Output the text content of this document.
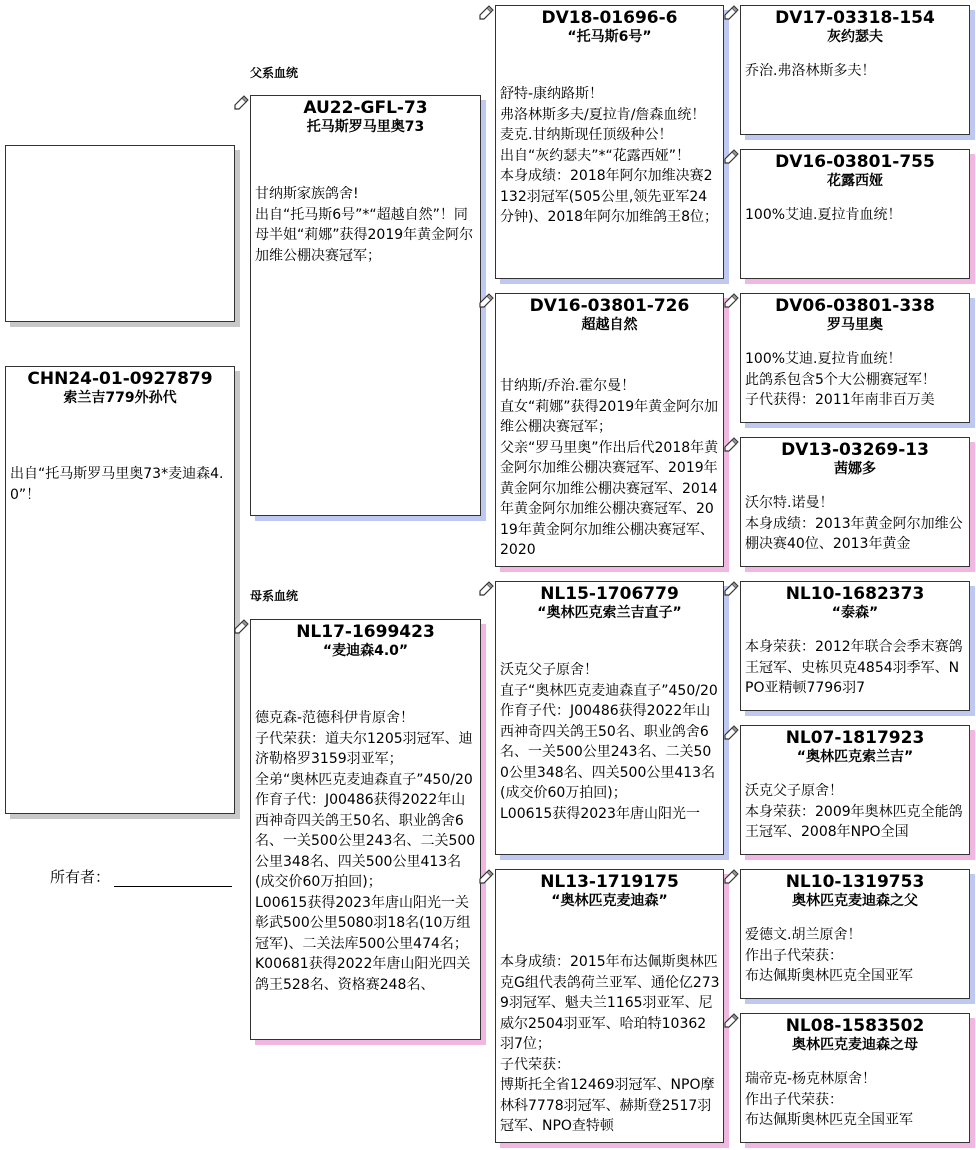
CHN24-01-0927879
索兰吉779外孙代
出自“托马斯罗马里奥73*麦迪森4.0”！
所有者：
父系血统
母系血统
AU22-GFL-73
托马斯罗马里奥73
甘纳斯家族鸽舍!
出自“托马斯6号”*“超越自然”！同母半姐“莉娜”获得2019年黄金阿尔加维公棚决赛冠军；
NL17-1699423
“麦迪森4.0”
德克森-范德科伊肯原舍！
子代荣获：道夫尔1205羽冠军、迪济勒格罗3159羽亚军；
全弟“奥林匹克麦迪森直子”450/20作育子代：J00486获得2022年山西神奇四关鸽王50名、职业鸽舍6名、一关500公里243名、二关500公里348名、四关500公里413名(成交价60万拍回)；
L00615获得2023年唐山阳光一关彰武500公里5080羽18名(10万组冠军)、二关法库500公里474名；
K00681获得2022年唐山阳光四关鸽王528名、资格赛248名、
DV18-01696-6
“托马斯6号”
舒特-康纳路斯！
弗洛林斯多夫/夏拉肯/詹森血统！
麦克.甘纳斯现任顶级种公！
出自“灰约瑟夫”*“花露西娅”！
本身成绩：2018年阿尔加维决赛2132羽冠军(505公里,领先亚军24分钟)、2018年阿尔加维鸽王8位；
DV16-03801-726
超越自然
甘纳斯/乔治.霍尔曼！
直女“莉娜”获得2019年黄金阿尔加维公棚决赛冠军；
父亲“罗马里奥”作出后代2018年黄金阿尔加维公棚决赛冠军、2019年黄金阿尔加维公棚决赛冠军、2014年黄金阿尔加维公棚决赛冠军、2019年黄金阿尔加维公棚决赛冠军、2020
NL15-1706779
“奥林匹克索兰吉直子”
沃克父子原舍！
直子“奥林匹克麦迪森直子”450/20作育子代：J00486获得2022年山西神奇四关鸽王50名、职业鸽舍6名、一关500公里243名、二关500公里348名、四关500公里413名(成交价60万拍回)；
L00615获得2023年唐山阳光一
NL13-1719175
“奥林匹克麦迪森”
本身成绩：2015年布达佩斯奥林匹克G组代表鸽荷兰亚军、通伦亿2739羽冠军、魁夫兰1165羽亚军、尼威尔2504羽亚军、哈珀特10362羽7位；
子代荣获：
博斯托全省12469羽冠军、NPO摩林科7778羽冠军、赫斯登2517羽冠军、NPO查特顿
DV17-03318-154
灰约瑟夫
乔治.弗洛林斯多夫！
DV16-03801-755
花露西娅
100%艾迪.夏拉肯血统！
DV06-03801-338
罗马里奥
100%艾迪.夏拉肯血统！
此鸽系包含5个大公棚赛冠军！
子代获得：2011年南非百万美
DV13-03269-13
茜娜多
沃尔特.诺曼！
本身成绩：2013年黄金阿尔加维公棚决赛40位、2013年黄金
NL10-1682373
“泰森”
本身荣获：2012年联合会季末赛鸽王冠军、史栋贝克4854羽季军、NPO亚精顿7796羽7
NL07-1817923
“奥林匹克索兰吉”
沃克父子原舍！
本身荣获：2009年奥林匹克全能鸽王冠军、2008年NPO全国
NL10-1319753
奥林匹克麦迪森之父
爱德文.胡兰原舍！
作出子代荣获：
布达佩斯奥林匹克全国亚军
NL08-1583502
奥林匹克麦迪森之母
瑞帝克-杨克林原舍！
作出子代荣获：
布达佩斯奥林匹克全国亚军
